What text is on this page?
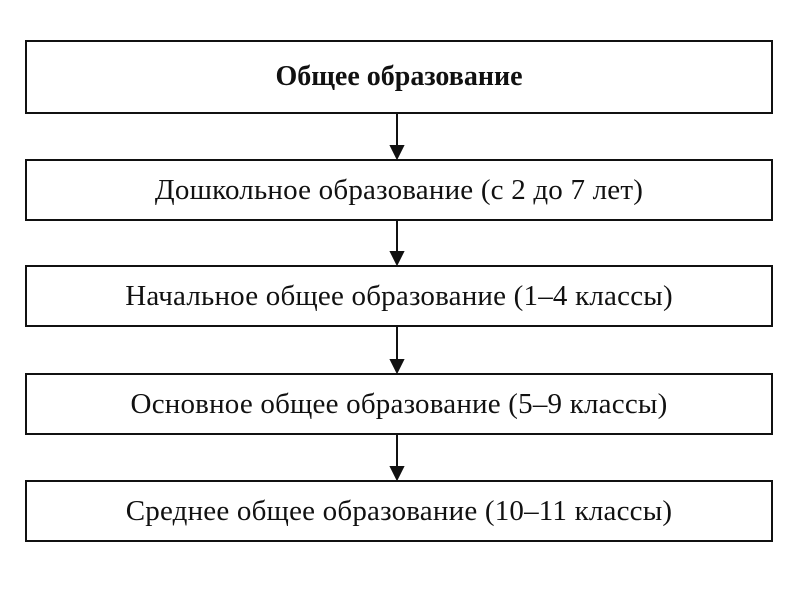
Общее образование
Дошкольное образование (с 2 до 7 лет)
Начальное общее образование (1–4 классы)
Основное общее образование (5–9 классы)
Среднее общее образование (10–11 классы)
